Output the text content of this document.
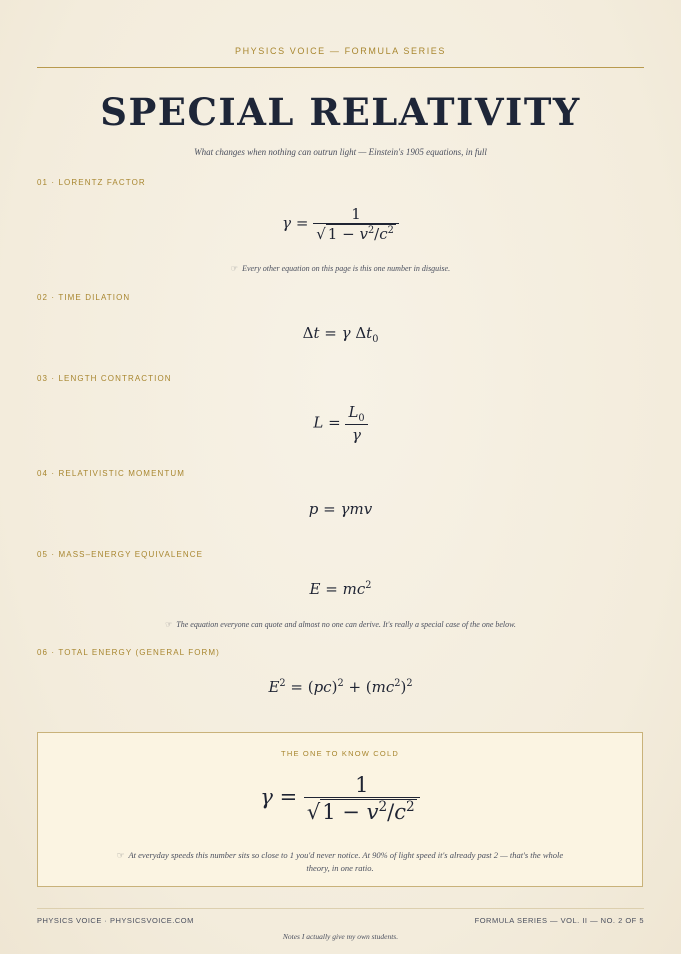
PHYSICS VOICE — FORMULA SERIES
SPECIAL RELATIVITY
What changes when nothing can outrun light — Einstein's 1905 equations, in full
01 · LORENTZ FACTOR
$\gamma = \frac{1}{√ 1 - v^2/c^2}$
☞ Every other equation on this page is this one number in disguise.
02 · TIME DILATION
Δt = γ $\Delta t_0$
03 · LENGTH CONTRACTION
$L = \frac{L_0}{\gamma}$
04 · RELATIVISTIC MOMENTUM
p = γmv
05 · MASS–ENERGY EQUIVALENCE
$E = mc^2$
☞ The equation everyone can quote and almost no one can derive. It's really a special case of the one below.
06 · TOTAL ENERGY (GENERAL FORM)
$E^2 = (pc)^2 + (mc^2)^2$
THE ONE TO KNOW COLD
$\gamma = \frac{1}{√1 - v^2/c^2}$
☞ At everyday speeds this number sits so close to 1 you'd never notice. At 90% of light speed it's already past 2 — that's the whole theory, in one ratio.
PHYSICS VOICE · PHYSICSVOICE.COM	FORMULA SERIES — VOL. II — NO. 2 OF 5
Notes I actually give my own students.
